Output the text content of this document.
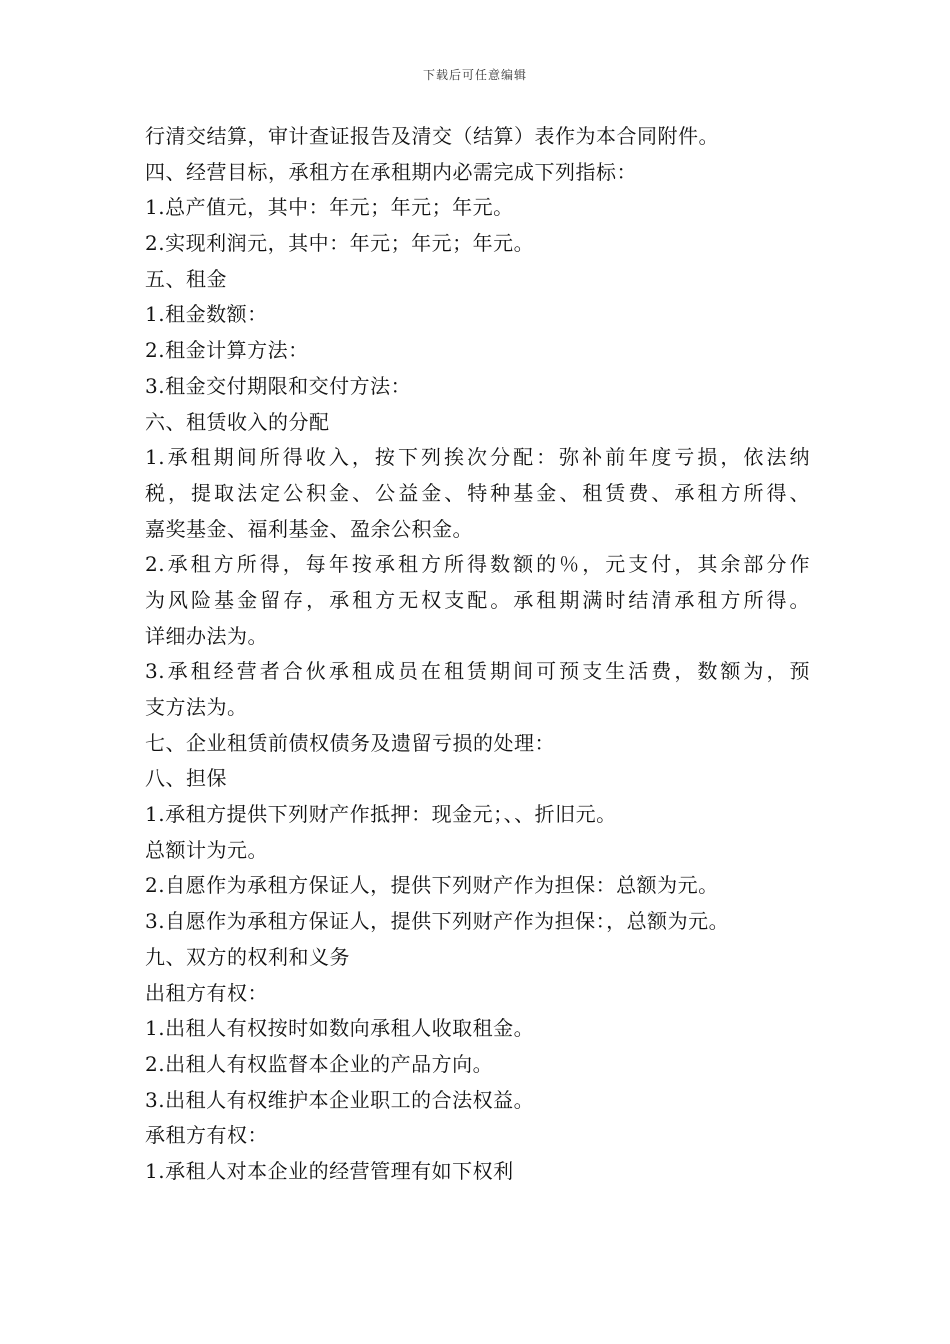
下载后可任意编辑
行清交结算，审计查证报告及清交（结算）表作为本合同附件。
四、经营目标，承租方在承租期内必需完成下列指标：
1.总产值元，其中：年元；年元；年元。
2.实现利润元，其中：年元；年元；年元。
五、租金
1.租金数额：
2.租金计算方法：
3.租金交付期限和交付方法：
六、租赁收入的分配
1.承租期间所得收入，按下列挨次分配：弥补前年度亏损，依法纳
税，提取法定公积金、公益金、特种基金、租赁费、承租方所得、
嘉奖基金、福利基金、盈余公积金。
2.承租方所得，每年按承租方所得数额的％，元支付，其余部分作
为风险基金留存，承租方无权支配。承租期满时结清承租方所得。
详细办法为。
3.承租经营者合伙承租成员在租赁期间可预支生活费，数额为，预
支方法为。
七、企业租赁前债权债务及遗留亏损的处理：
八、担保
1.承租方提供下列财产作抵押：现金元；、、折旧元。
总额计为元。
2.自愿作为承租方保证人，提供下列财产作为担保：总额为元。
3.自愿作为承租方保证人，提供下列财产作为担保：，总额为元。
九、双方的权利和义务
出租方有权：
1.出租人有权按时如数向承租人收取租金。
2.出租人有权监督本企业的产品方向。
3.出租人有权维护本企业职工的合法权益。
承租方有权：
1.承租人对本企业的经营管理有如下权利
